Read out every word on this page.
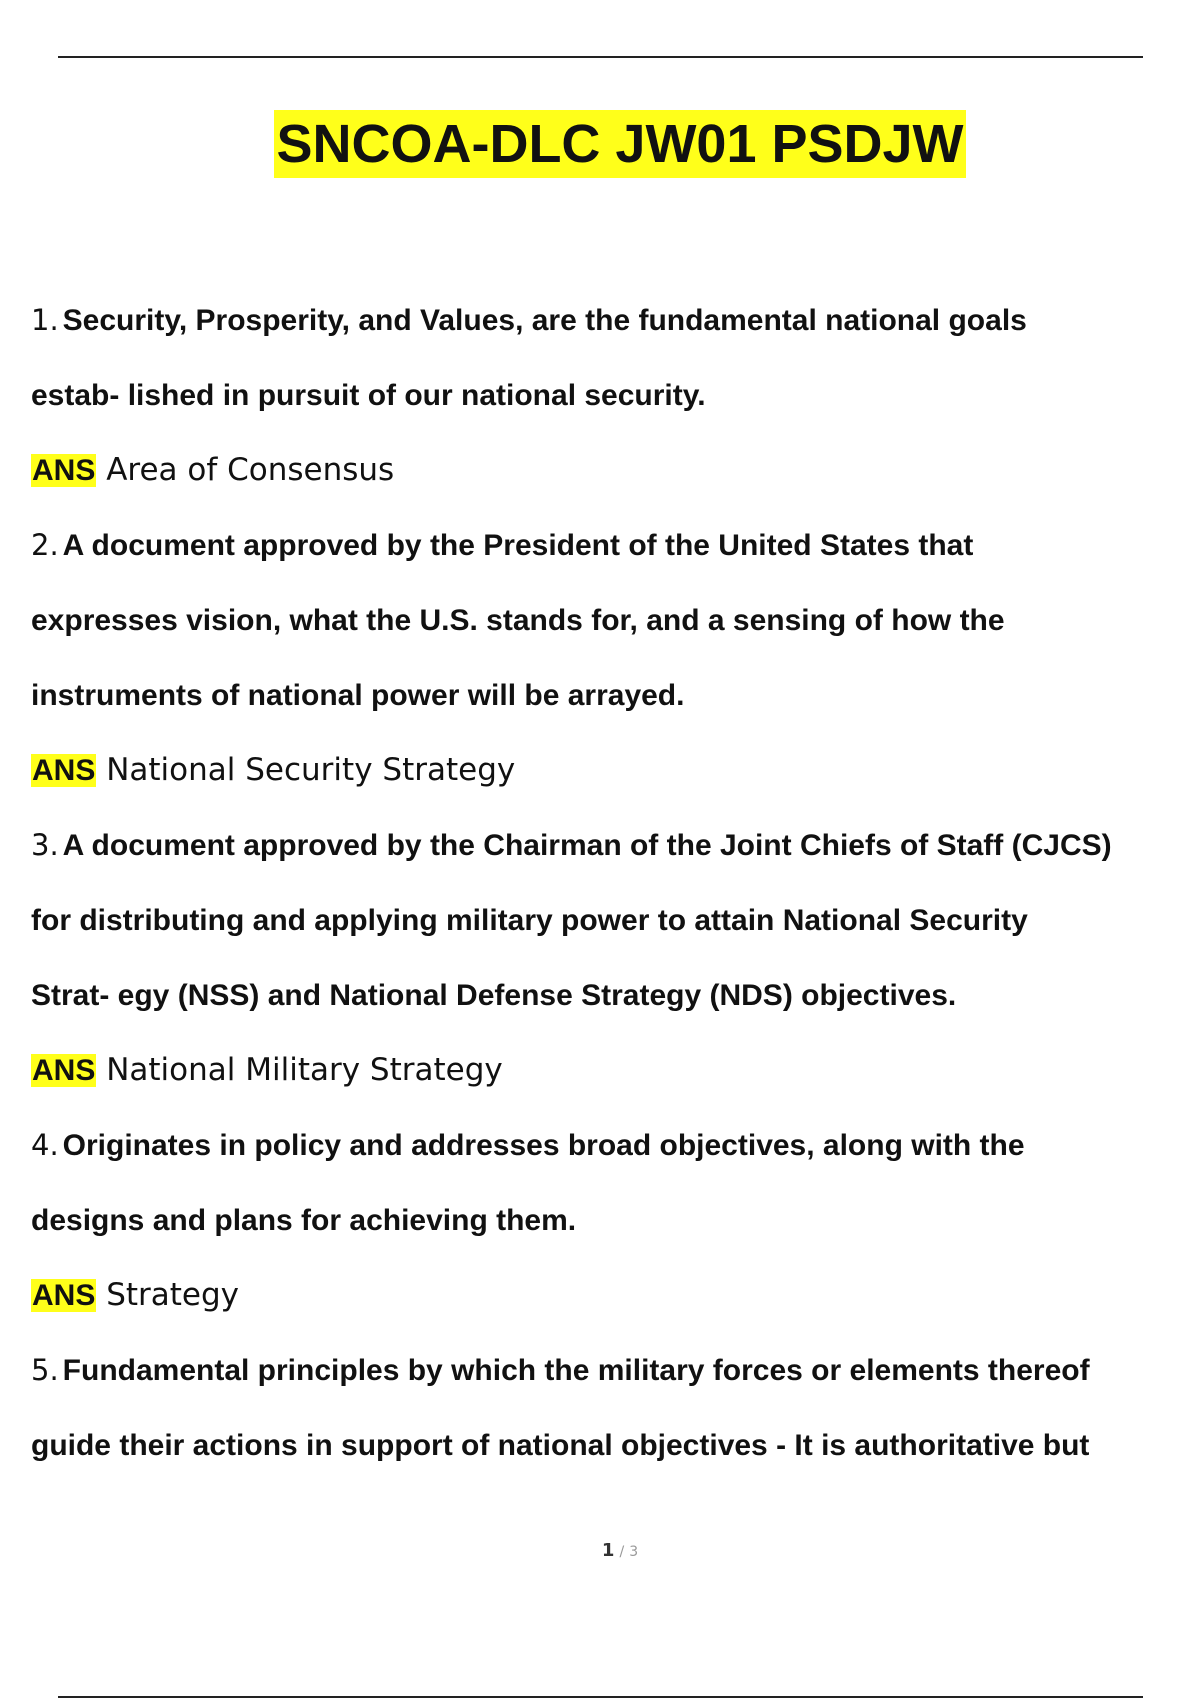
SNCOA-DLC JW01 PSDJW
1. Security, Prosperity, and Values, are the fundamental national goals
estab- lished in pursuit of our national security.
ANS Area of Consensus
2. A document approved by the President of the United States that
expresses vision, what the U.S. stands for, and a sensing of how the
instruments of national power will be arrayed.
ANS National Security Strategy
3. A document approved by the Chairman of the Joint Chiefs of Staff (CJCS)
for distributing and applying military power to attain National Security
Strat- egy (NSS) and National Defense Strategy (NDS) objectives.
ANS National Military Strategy
4. Originates in policy and addresses broad objectives, along with the
designs and plans for achieving them.
ANS Strategy
5. Fundamental principles by which the military forces or elements thereof
guide their actions in support of national objectives - It is authoritative but
1 / 3
